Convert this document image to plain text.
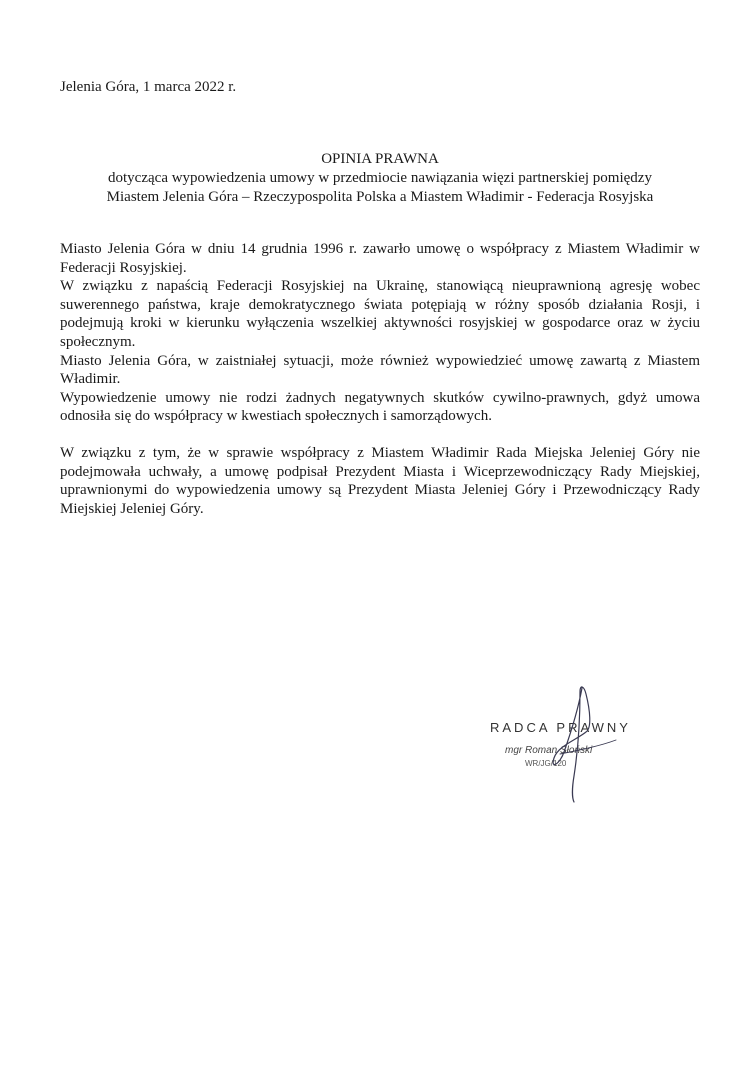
Jelenia Góra, 1 marca 2022 r.
OPINIA PRAWNA
dotycząca wypowiedzenia umowy w przedmiocie nawiązania więzi partnerskiej pomiędzy
Miastem Jelenia Góra – Rzeczypospolita Polska a Miastem Władimir - Federacja Rosyjska

Miasto Jelenia Góra w dniu 14 grudnia 1996 r. zawarło umowę o współpracy z Miastem Władimir w Federacji Rosyjskiej.

W związku z napaścią Federacji Rosyjskiej na Ukrainę, stanowiącą nieuprawnioną agresję wobec suwerennego państwa, kraje demokratycznego świata potępiają w różny sposób działania Rosji, i podejmują kroki w kierunku wyłączenia wszelkiej aktywności rosyjskiej w gospodarce oraz w życiu społecznym.

Miasto Jelenia Góra, w zaistniałej sytuacji, może również wypowiedzieć umowę zawartą z Miastem Władimir.

Wypowiedzenie umowy nie rodzi żadnych negatywnych skutków cywilno-prawnych, gdyż umowa odnosiła się do współpracy w kwestiach społecznych i samorządowych.

W związku z tym, że w sprawie współpracy z Miastem Władimir Rada Miejska Jeleniej Góry nie podejmowała uchwały, a umowę podpisał Prezydent Miasta i Wiceprzewodniczący Rady Miejskiej, uprawnionymi do wypowiedzenia umowy są Prezydent Miasta Jeleniej Góry i Przewodniczący Rady Miejskiej Jeleniej Góry.

RADCA PRAWNY
mgr Roman Słoński
WR/JG/120
